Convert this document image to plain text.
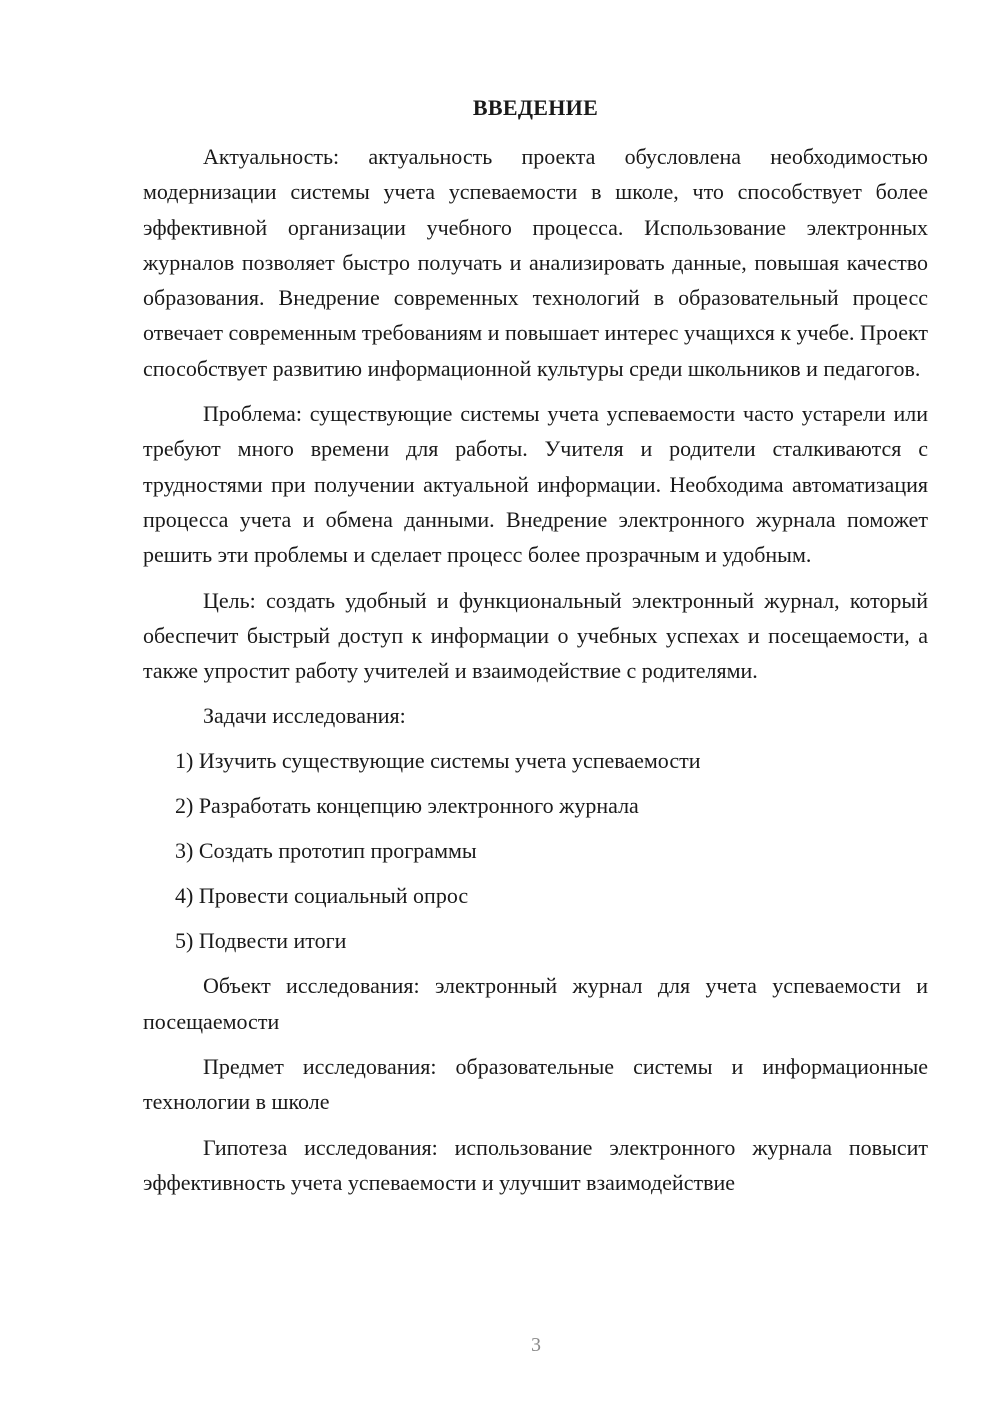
ВВЕДЕНИЕ

Актуальность: актуальность проекта обусловлена необходимостью модернизации системы учета успеваемости в школе, что способствует более эффективной организации учебного процесса. Использование электронных журналов позволяет быстро получать и анализировать данные, повышая качество образования. Внедрение современных технологий в образовательный процесс отвечает современным требованиям и повышает интерес учащихся к учебе. Проект способствует развитию информационной культуры среди школьников и педагогов.

Проблема: существующие системы учета успеваемости часто устарели или требуют много времени для работы. Учителя и родители сталкиваются с трудностями при получении актуальной информации. Необходима автоматизация процесса учета и обмена данными. Внедрение электронного журнала поможет решить эти проблемы и сделает процесс более прозрачным и удобным.

Цель: создать удобный и функциональный электронный журнал, который обеспечит быстрый доступ к информации о учебных успехах и посещаемости, а также упростит работу учителей и взаимодействие с родителями.

Задачи исследования:

1) Изучить существующие системы учета успеваемости
2) Разработать концепцию электронного журнала
3) Создать прототип программы
4) Провести социальный опрос
5) Подвести итоги

Объект исследования: электронный журнал для учета успеваемости и посещаемости

Предмет исследования: образовательные системы и информационные технологии в школе

Гипотеза исследования: использование электронного журнала повысит эффективность учета успеваемости и улучшит взаимодействие

3
